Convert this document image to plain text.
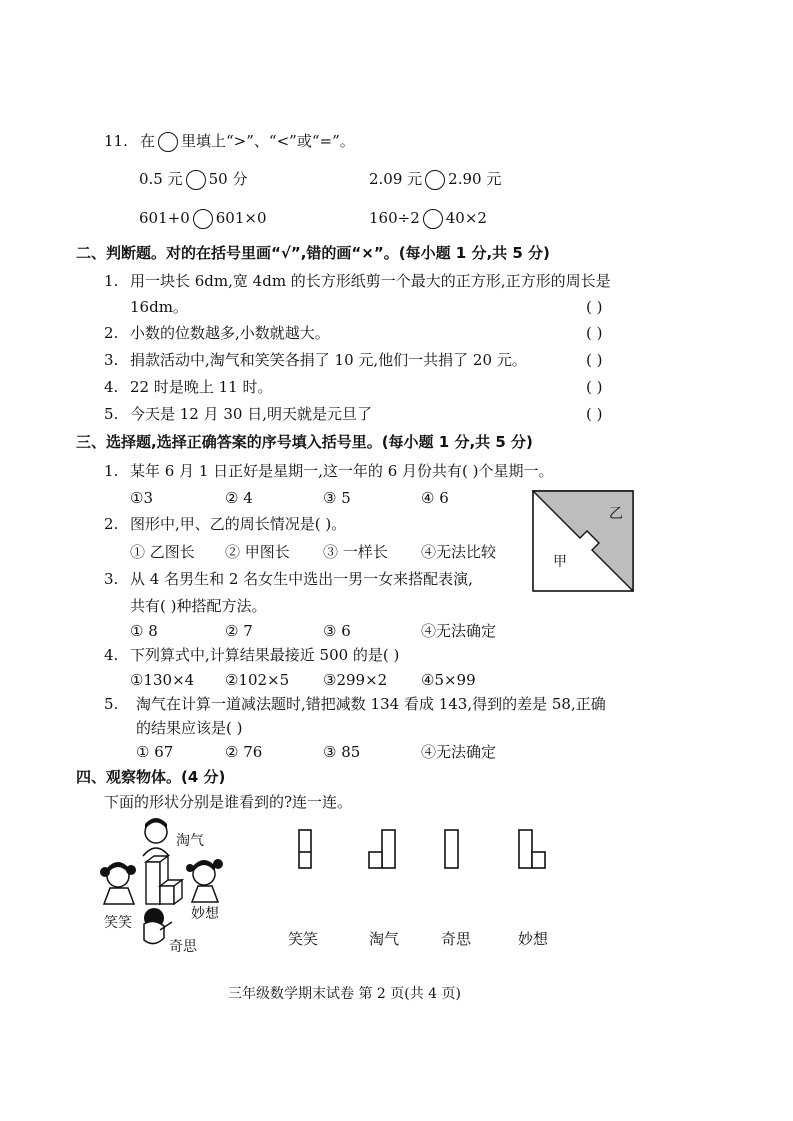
11. 在 里填上“>”、“<”或“=”。
0.5 元 50 分	2.09 元 2.90 元
601+0 601×0	160÷2 40×2
二、判断题。对的在括号里画“√”,错的画“×”。(每小题 1 分,共 5 分)
1. 用一块长 6dm,宽 4dm 的长方形纸剪一个最大的正方形,正方形的周长是
16dm。	( )
2. 小数的位数越多,小数就越大。	( )
3. 捐款活动中,淘气和笑笑各捐了 10 元,他们一共捐了 20 元。	( )
4. 22 时是晚上 11 时。	( )
5. 今天是 12 月 30 日,明天就是元旦了	( )
三、选择题,选择正确答案的序号填入括号里。(每小题 1 分,共 5 分)
1. 某年 6 月 1 日正好是星期一,这一年的 6 月份共有( )个星期一。
①3	② 4	③ 5	④ 6
2. 图形中,甲、乙的周长情况是( )。
① 乙图长 ② 甲图长 ③ 一样长 ④无法比较
3. 从 4 名男生和 2 名女生中选出一男一女来搭配表演,
共有( )种搭配方法。
① 8	② 7	③ 6	④无法确定
4. 下列算式中,计算结果最接近 500 的是( )
①130×4 ②102×5 ③299×2 ④5×99
5. 淘气在计算一道减法题时,错把减数 134 看成 143,得到的差是 58,正确
的结果应该是( )
① 67	② 76	③ 85	④无法确定
甲
乙
四、观察物体。(4 分)
下面的形状分别是谁看到的?连一连。
淘气
笑笑
妙想
奇思	笑笑	淘气	奇思	妙想
三年级数学期末试卷 第 2 页(共 4 页)
